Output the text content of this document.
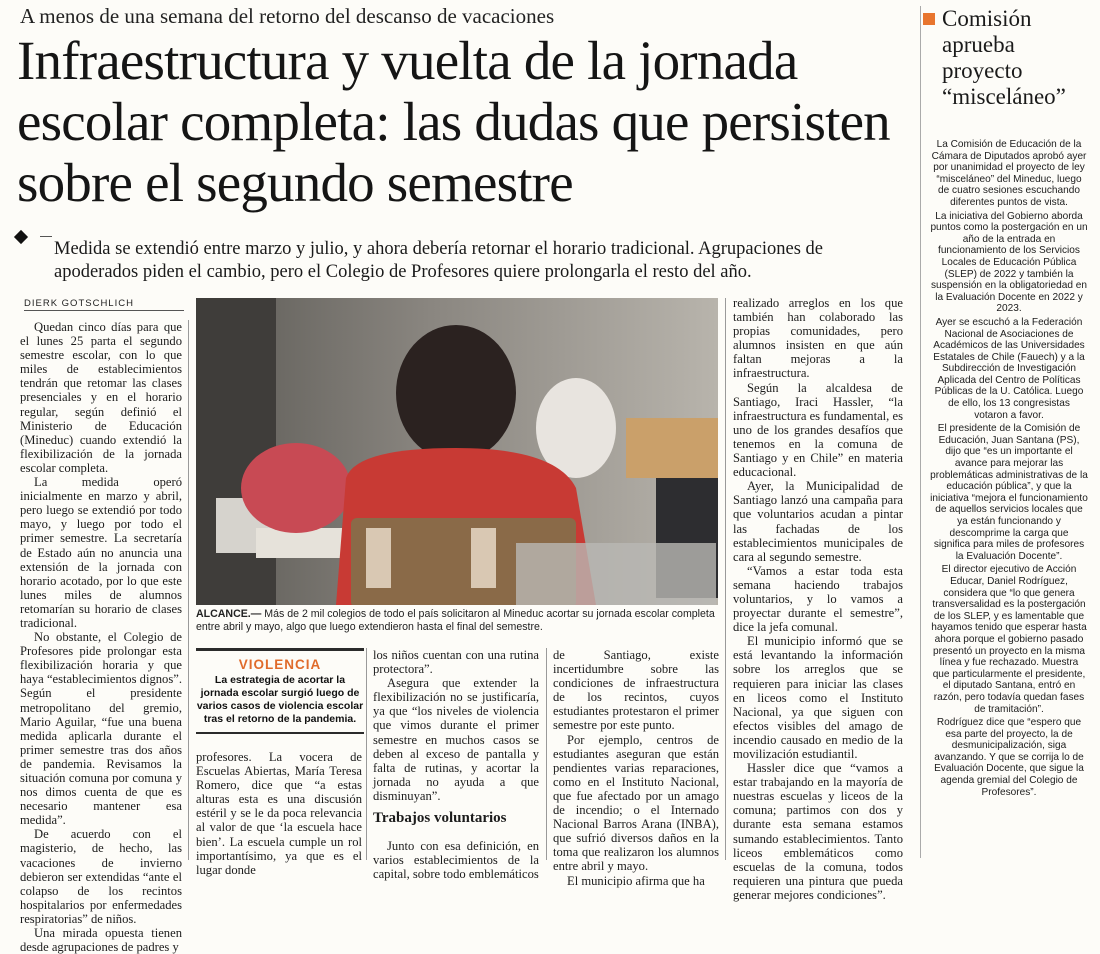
A menos de una semana del retorno del descanso de vacaciones
Infraestructura y vuelta de la jornada escolar completa: las dudas que persisten sobre el segundo semestre
Medida se extendió entre marzo y julio, y ahora debería retornar el horario tradicional. Agrupaciones de apoderados piden el cambio, pero el Colegio de Profesores quiere prolongarla el resto del año.
DIERK GOTSCHLICH

Quedan cinco días para que el lunes 25 parta el segundo semestre escolar, con lo que miles de establecimientos tendrán que retomar las clases presenciales y en el horario regular, según definió el Ministerio de Educación (Mineduc) cuando extendió la flexibilización de la jornada escolar completa.

La medida operó inicialmente en marzo y abril, pero luego se extendió por todo mayo, y luego por todo el primer semestre. La secretaría de Estado aún no anuncia una extensión de la jornada con horario acotado, por lo que este lunes miles de alumnos retomarían su horario de clases tradicional.

No obstante, el Colegio de Profesores pide prolongar esta flexibilización horaria y que haya “establecimientos dignos”. Según el presidente metropolitano del gremio, Mario Aguilar, “fue una buena medida aplicarla durante el primer semestre tras dos años de pandemia. Revisamos la situación comuna por comuna y nos dimos cuenta de que es necesario mantener esa medida”.

De acuerdo con el magisterio, de hecho, las vacaciones de invierno debieron ser extendidas “ante el colapso de los recintos hospitalarios por enfermedades respiratorias” de niños.

Una mirada opuesta tienen desde agrupaciones de padres y

ALCANCE.— Más de 2 mil colegios de todo el país solicitaron al Mineduc acortar su jornada escolar completa entre abril y mayo, algo que luego extendieron hasta el final del semestre.
VIOLENCIA
La estrategia de acortar la jornada escolar surgió luego de varios casos de violencia escolar tras el retorno de la pandemia.

profesores. La vocera de Escuelas Abiertas, María Teresa Romero, dice que “a estas alturas esta es una discusión estéril y se le da poca relevancia al valor de que ‘la escuela hace bien’. La escuela cumple un rol importantísimo, ya que es el lugar donde

los niños cuentan con una rutina protectora”.

Asegura que extender la flexibilización no se justificaría, ya que “los niveles de violencia que vimos durante el primer semestre en muchos casos se deben al exceso de pantalla y falta de rutinas, y acortar la jornada no ayuda a que disminuyan”.

Trabajos voluntarios

Junto con esa definición, en varios establecimientos de la capital, sobre todo emblemáticos

de Santiago, existe incertidumbre sobre las condiciones de infraestructura de los recintos, cuyos estudiantes protestaron el primer semestre por este punto.

Por ejemplo, centros de estudiantes aseguran que están pendientes varias reparaciones, como en el Instituto Nacional, que fue afectado por un amago de incendio; o el Internado Nacional Barros Arana (INBA), que sufrió diversos daños en la toma que realizaron los alumnos entre abril y mayo.

El municipio afirma que ha

realizado arreglos en los que también han colaborado las propias comunidades, pero alumnos insisten en que aún faltan mejoras a la infraestructura.

Según la alcaldesa de Santiago, Iraci Hassler, “la infraestructura es fundamental, es uno de los grandes desafíos que tenemos en la comuna de Santiago y en Chile” en materia educacional.

Ayer, la Municipalidad de Santiago lanzó una campaña para que voluntarios acudan a pintar las fachadas de los establecimientos municipales de cara al segundo semestre.

“Vamos a estar toda esta semana haciendo trabajos voluntarios, y lo vamos a proyectar durante el semestre”, dice la jefa comunal.

El municipio informó que se está levantando la información sobre los arreglos que se requieren para iniciar las clases en liceos como el Instituto Nacional, ya que siguen con efectos visibles del amago de incendio causado en medio de la movilización estudiantil.

Hassler dice que “vamos a estar trabajando en la mayoría de nuestras escuelas y liceos de la comuna; partimos con dos y durante esta semana estamos sumando establecimientos. Tanto liceos emblemáticos como escuelas de la comuna, todos requieren una pintura que pueda generar mejores condiciones”.

Comisión aprueba proyecto “misceláneo”

La Comisión de Educación de la Cámara de Diputados aprobó ayer por unanimidad el proyecto de ley “misceláneo” del Mineduc, luego de cuatro sesiones escuchando diferentes puntos de vista.

La iniciativa del Gobierno aborda puntos como la postergación en un año de la entrada en funcionamiento de los Servicios Locales de Educación Pública (SLEP) de 2022 y también la suspensión en la obligatoriedad en la Evaluación Docente en 2022 y 2023.

Ayer se escuchó a la Federación Nacional de Asociaciones de Académicos de las Universidades Estatales de Chile (Fauech) y a la Subdirección de Investigación Aplicada del Centro de Políticas Públicas de la U. Católica. Luego de ello, los 13 congresistas votaron a favor.

El presidente de la Comisión de Educación, Juan Santana (PS), dijo que “es un importante el avance para mejorar las problemáticas administrativas de la educación pública”, y que la iniciativa “mejora el funcionamiento de aquellos servicios locales que ya están funcionando y descomprime la carga que significa para miles de profesores la Evaluación Docente”.

El director ejecutivo de Acción Educar, Daniel Rodríguez, considera que “lo que genera transversalidad es la postergación de los SLEP, y es lamentable que hayamos tenido que esperar hasta ahora porque el gobierno pasado presentó un proyecto en la misma línea y fue rechazado. Muestra que particularmente el presidente, el diputado Santana, entró en razón, pero todavía quedan fases de tramitación”.

Rodríguez dice que “espero que esa parte del proyecto, la de desmunicipalización, siga avanzando. Y que se corrija lo de Evaluación Docente, que sigue la agenda gremial del Colegio de Profesores”.
